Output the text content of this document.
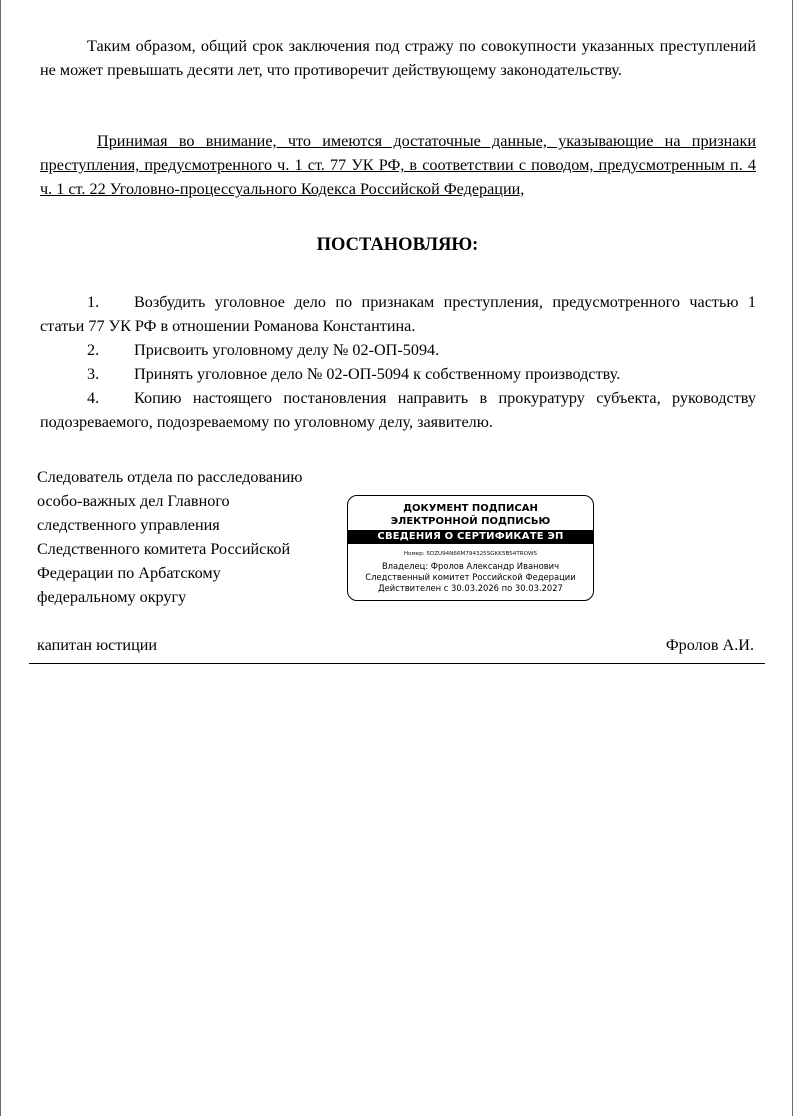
Таким образом, общий срок заключения под стражу по совокупности указанных преступлений не может превышать десяти лет, что противоречит действующему законодательству.
Принимая во внимание, что имеются достаточные данные, указывающие на признаки преступления, предусмотренного ч. 1 ст. 77 УК РФ, в соответствии с поводом, предусмотренным п. 4 ч. 1 ст. 22 Уголовно-процессуального Кодекса Российской Федерации,
ПОСТАНОВЛЯЮ:
1. Возбудить уголовное дело по признакам преступления, предусмотренного частью 1 статьи 77 УК РФ в отношении Романова Константина.
2. Присвоить уголовному делу № 02-ОП-5094.
3. Принять уголовное дело № 02-ОП-5094 к собственному производству.
4. Копию настоящего постановления направить в прокуратуру субъекта, руководству подозреваемого, подозреваемому по уголовному делу, заявителю.
Следователь отдела по расследованию
особо-важных дел Главного
следственного управления
Следственного комитета Российской
Федерации по Арбатскому
федеральному округу
ДОКУМЕНТ ПОДПИСАН
ЭЛЕКТРОННОЙ ПОДПИСЬЮ
СВЕДЕНИЯ О СЕРТИФИКАТЕ ЭП
Номер: 5DZU94N66M794325SGKK5BS4TROW5
Владелец: Фролов Александр Иванович
Следственный комитет Российской Федерации
Действителен с 30.03.2026 по 30.03.2027
капитан юстиции	Фролов А.И.
